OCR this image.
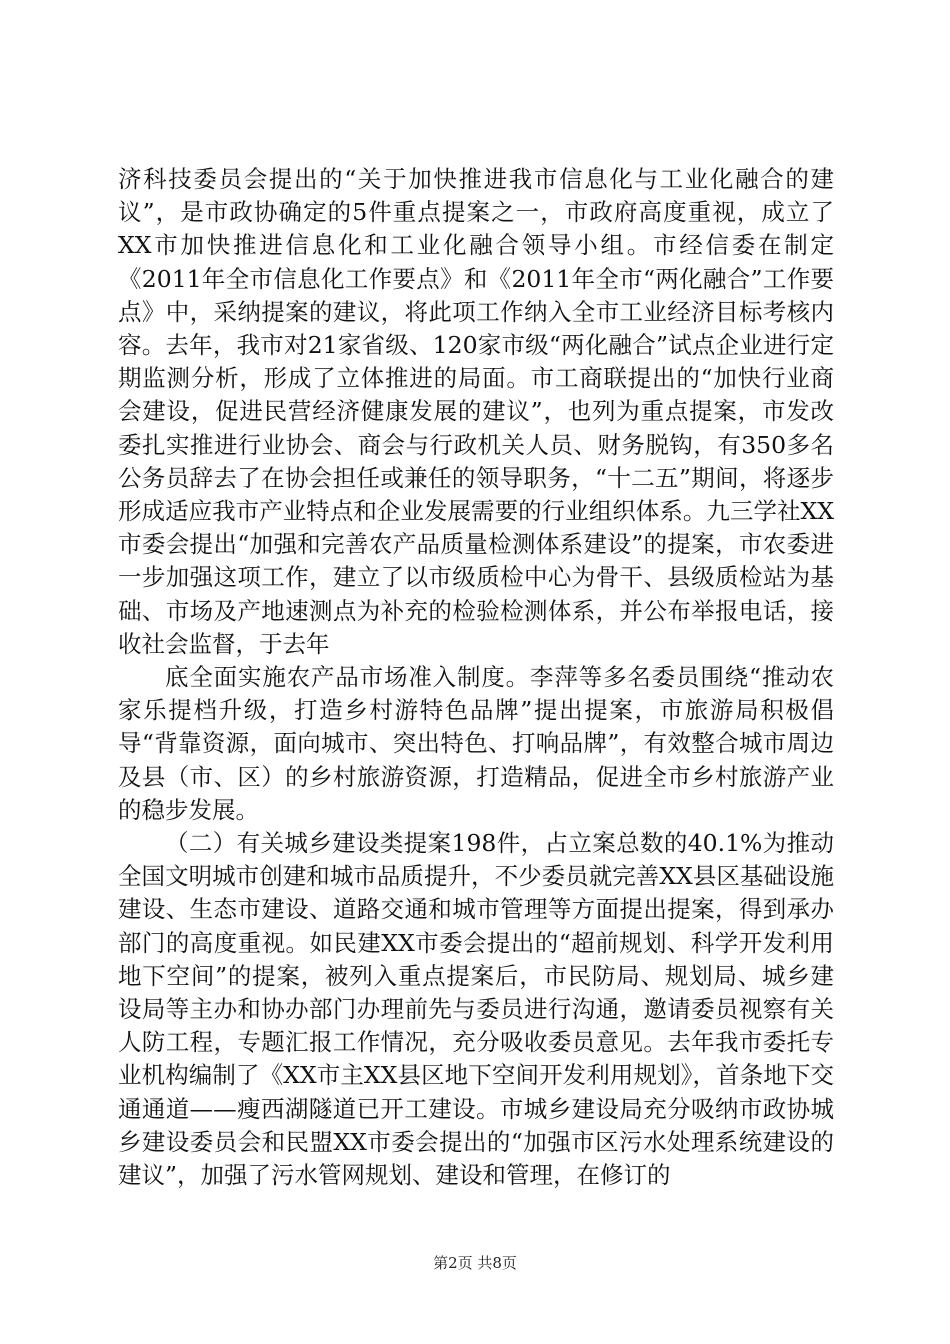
济科技委员会提出的“关于加快推进我市信息化与工业化融合的建议”，是市政协确定的5件重点提案之一，市政府高度重视，成立了XX市加快推进信息化和工业化融合领导小组。市经信委在制定《2011年全市信息化工作要点》和《2011年全市“两化融合”工作要点》中，采纳提案的建议，将此项工作纳入全市工业经济目标考核内容。去年，我市对21家省级、120家市级“两化融合”试点企业进行定期监测分析，形成了立体推进的局面。市工商联提出的“加快行业商会建设，促进民营经济健康发展的建议”，也列为重点提案，市发改委扎实推进行业协会、商会与行政机关人员、财务脱钩，有350多名公务员辞去了在协会担任或兼任的领导职务，“十二五”期间，将逐步形成适应我市产业特点和企业发展需要的行业组织体系。九三学社XX市委会提出“加强和完善农产品质量检测体系建设”的提案，市农委进一步加强这项工作，建立了以市级质检中心为骨干、县级质检站为基础、市场及产地速测点为补充的检验检测体系，并公布举报电话，接收社会监督，于去年

底全面实施农产品市场准入制度。李萍等多名委员围绕“推动农家乐提档升级，打造乡村游特色品牌”提出提案，市旅游局积极倡导“背靠资源，面向城市、突出特色、打响品牌”，有效整合城市周边及县（市、区）的乡村旅游资源，打造精品，促进全市乡村旅游产业的稳步发展。

（二）有关城乡建设类提案198件，占立案总数的40.1%为推动全国文明城市创建和城市品质提升，不少委员就完善XX县区基础设施建设、生态市建设、道路交通和城市管理等方面提出提案，得到承办部门的高度重视。如民建XX市委会提出的“超前规划、科学开发利用地下空间”的提案，被列入重点提案后，市民防局、规划局、城乡建设局等主办和协办部门办理前先与委员进行沟通，邀请委员视察有关人防工程，专题汇报工作情况，充分吸收委员意见。去年我市委托专业机构编制了《XX市主XX县区地下空间开发利用规划》，首条地下交通通道——瘦西湖隧道已开工建设。市城乡建设局充分吸纳市政协城乡建设委员会和民盟XX市委会提出的“加强市区污水处理系统建设的建议”，加强了污水管网规划、建设和管理，在修订的

第2页 共8页
